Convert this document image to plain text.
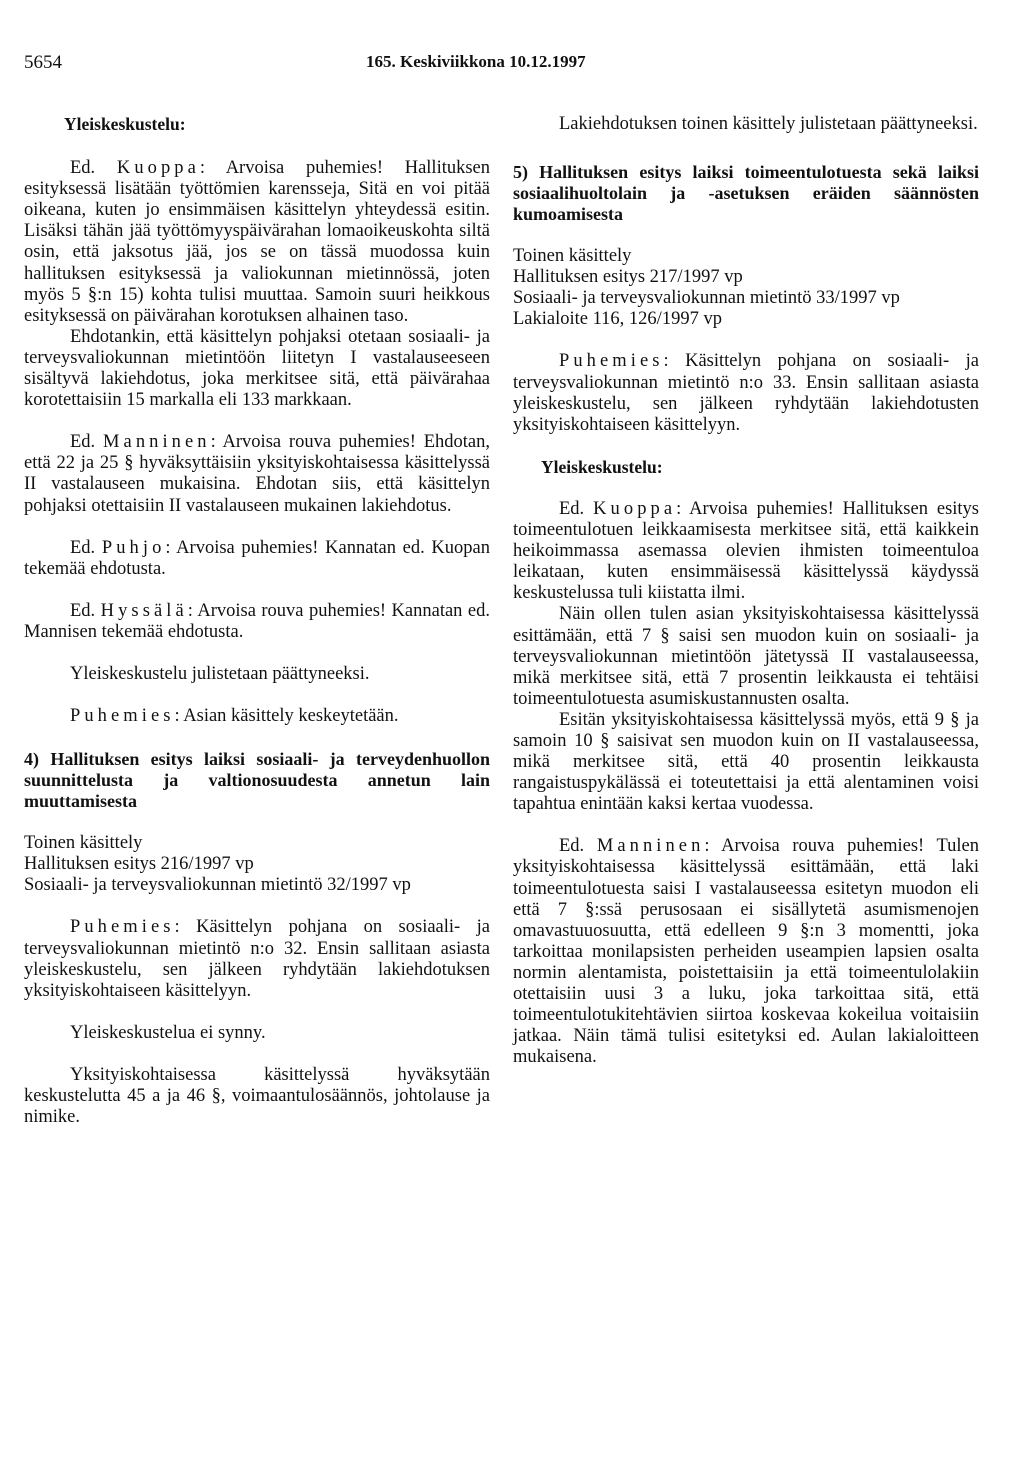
5654	165. Keskiviikkona 10.12.1997

Yleiskeskustelu:

Ed. Kuoppa: Arvoisa puhemies! Hallituksen esityksessä lisätään työttömien karensseja, Sitä en voi pitää oikeana, kuten jo ensimmäisen käsittelyn yhteydessä esitin. Lisäksi tähän jää työttömyyspäivärahan lomaoikeuskohta siltä osin, että jaksotus jää, jos se on tässä muodossa kuin hallituksen esityksessä ja valiokunnan mietinnössä, joten myös 5 §:n 15) kohta tulisi muuttaa. Samoin suuri heikkous esityksessä on päivärahan korotuksen alhainen taso.

Ehdotankin, että käsittelyn pohjaksi otetaan sosiaali- ja terveysvaliokunnan mietintöön liitetyn I vastalauseeseen sisältyvä lakiehdotus, joka merkitsee sitä, että päivärahaa korotettaisiin 15 markalla eli 133 markkaan.

Ed. Manninen: Arvoisa rouva puhemies! Ehdotan, että 22 ja 25 § hyväksyttäisiin yksityiskohtaisessa käsittelyssä II vastalauseen mukaisina. Ehdotan siis, että käsittelyn pohjaksi otettaisiin II vastalauseen mukainen lakiehdotus.

Ed. Puhjo: Arvoisa puhemies! Kannatan ed. Kuopan tekemää ehdotusta.

Ed. Hyssälä: Arvoisa rouva puhemies! Kannatan ed. Mannisen tekemää ehdotusta.

Yleiskeskustelu julistetaan päättyneeksi.

Puhemies: Asian käsittely keskeytetään.

4) Hallituksen esitys laiksi sosiaali- ja terveydenhuollon suunnittelusta ja valtionosuudesta annetun lain muuttamisesta

Toinen käsittely

Hallituksen esitys 216/1997 vp

Sosiaali- ja terveysvaliokunnan mietintö 32/1997 vp

Puhemies: Käsittelyn pohjana on sosiaali- ja terveysvaliokunnan mietintö n:o 32. Ensin sallitaan asiasta yleiskeskustelu, sen jälkeen ryhdytään lakiehdotuksen yksityiskohtaiseen käsittelyyn.

Yleiskeskustelua ei synny.

Yksityiskohtaisessa käsittelyssä hyväksytään keskustelutta 45 a ja 46 §, voimaantulosäännös, johtolause ja nimike.

Lakiehdotuksen toinen käsittely julistetaan päättyneeksi.

5) Hallituksen esitys laiksi toimeentulotuesta sekä laiksi sosiaalihuoltolain ja -asetuksen eräiden säännösten kumoamisesta

Toinen käsittely

Hallituksen esitys 217/1997 vp

Sosiaali- ja terveysvaliokunnan mietintö 33/1997 vp

Lakialoite 116, 126/1997 vp

Puhemies: Käsittelyn pohjana on sosiaali- ja terveysvaliokunnan mietintö n:o 33. Ensin sallitaan asiasta yleiskeskustelu, sen jälkeen ryhdytään lakiehdotusten yksityiskohtaiseen käsittelyyn.

Yleiskeskustelu:

Ed. Kuoppa: Arvoisa puhemies! Hallituksen esitys toimeentulotuen leikkaamisesta merkitsee sitä, että kaikkein heikoimmassa asemassa olevien ihmisten toimeentuloa leikataan, kuten ensimmäisessä käsittelyssä käydyssä keskustelussa tuli kiistatta ilmi.

Näin ollen tulen asian yksityiskohtaisessa käsittelyssä esittämään, että 7 § saisi sen muodon kuin on sosiaali- ja terveysvaliokunnan mietintöön jätetyssä II vastalauseessa, mikä merkitsee sitä, että 7 prosentin leikkausta ei tehtäisi toimeentulotuesta asumiskustannusten osalta.

Esitän yksityiskohtaisessa käsittelyssä myös, että 9 § ja samoin 10 § saisivat sen muodon kuin on II vastalauseessa, mikä merkitsee sitä, että 40 prosentin leikkausta rangaistuspykälässä ei toteutettaisi ja että alentaminen voisi tapahtua enintään kaksi kertaa vuodessa.

Ed. Manninen: Arvoisa rouva puhemies! Tulen yksityiskohtaisessa käsittelyssä esittämään, että laki toimeentulotuesta saisi I vastalauseessa esitetyn muodon eli että 7 §:ssä perusosaan ei sisällytetä asumismenojen omavastuuosuutta, että edelleen 9 §:n 3 momentti, joka tarkoittaa monilapsisten perheiden useampien lapsien osalta normin alentamista, poistettaisiin ja että toimeentulolakiin otettaisiin uusi 3 a luku, joka tarkoittaa sitä, että toimeentulotukitehtävien siirtoa koskevaa kokeilua voitaisiin jatkaa. Näin tämä tulisi esitetyksi ed. Aulan lakialoitteen mukaisena.
